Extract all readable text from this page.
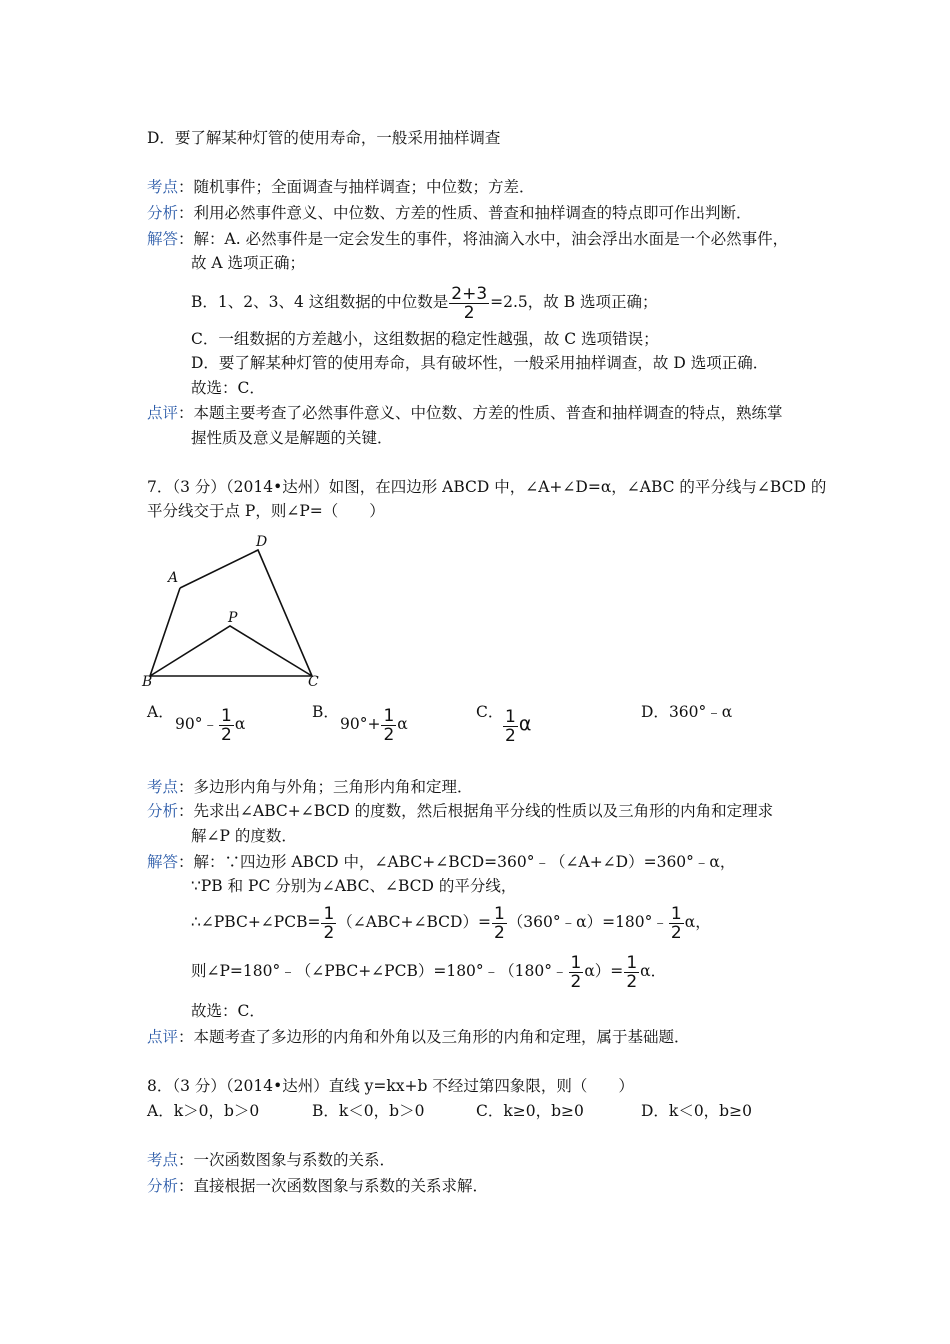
D．要了解某种灯管的使用寿命，一般采用抽样调查
考点：随机事件；全面调查与抽样调查；中位数；方差．
分析：利用必然事件意义、中位数、方差的性质、普查和抽样调查的特点即可作出判断．
解答：解：A. 必然事件是一定会发生的事件，将油滴入水中，油会浮出水面是一个必然事件，
故 A 选项正确；
B．1、2、3、4 这组数据的中位数是 $\frac{2+3}{2} =2.5$，故 B 选项正确；
C．一组数据的方差越小，这组数据的稳定性越强，故 C 选项错误；
D．要了解某种灯管的使用寿命，具有破坏性，一般采用抽样调查，故 D 选项正确．
故选：C．
点评：本题主要考查了必然事件意义、中位数、方差的性质、普查和抽样调查的特点，熟练掌
握性质及意义是解题的关键．
7．（3 分）（2014•达州）如图，在四边形 ABCD 中，∠A+∠D=α，∠ABC 的平分线与∠BCD 的
平分线交于点 P，则∠P=（　　）
A
D
P
B	C
A．
90°﹣ $\frac{1}{2}$ α
B．
$90^\circ+ \frac{1}{2}$ α
C． $\frac{1}{2}$ α
D．360°﹣α
考点：多边形内角与外角；三角形内角和定理．
分析：先求出∠ABC+∠BCD 的度数，然后根据角平分线的性质以及三角形的内角和定理求
解∠P 的度数．
解答：解：∵四边形 ABCD 中，∠ABC+∠BCD=360°﹣（∠A+∠D）=360°﹣α，
∵PB 和 PC 分别为∠ABC、∠BCD 的平分线，
∴∠PBC+∠PCB= $\frac{1}{2}$ （∠ABC+∠BCD）= $\frac{1}{2}$ （360°﹣α）=180°﹣ $\frac{1}{2}$ α，
则∠P=180°﹣（∠PBC+∠PCB）=180°﹣（180°﹣ $\frac{1}{2} \alpha)= \frac{1}{2}$ α．
故选：C．
点评：本题考查了多边形的内角和外角以及三角形的内角和定理，属于基础题．
8．（3 分）（2014•达州）直线 y=kx+b 不经过第四象限，则（　　）
A．k＞0，b＞0	B．k＜0，b＞0	C．k≥0，b≥0	D．k＜0，b≥0
考点：一次函数图象与系数的关系．
分析：直接根据一次函数图象与系数的关系求解．
